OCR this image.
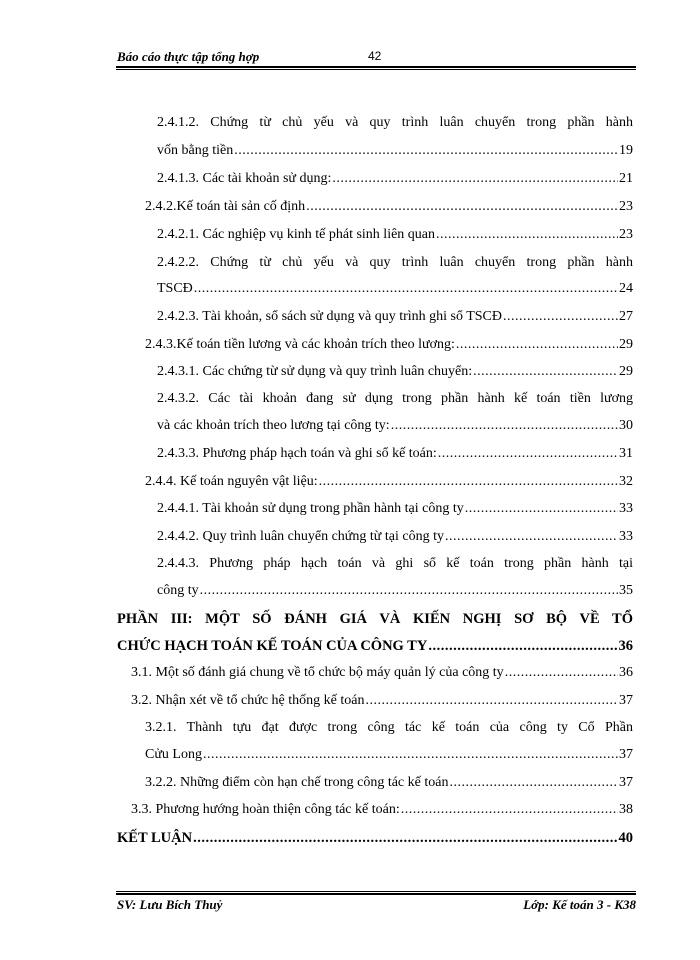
Báo cáo thực tập tổng hợp	42
2.4.1.2. Chứng từ chủ yếu và quy trình luân chuyển trong phần hành
vốn bằng tiền .....	19
2.4.1.3. Các tài khoản sử dụng: .....	21
2.4.2.Kế toán tài sản cố định .....	23
2.4.2.1. Các nghiệp vụ kinh tế phát sinh liên quan .....	23
2.4.2.2. Chứng từ chủ yếu và quy trình luân chuyển trong phần hành
TSCĐ .....	24
2.4.2.3. Tài khoản, sổ sách sử dụng và quy trình ghi sổ TSCĐ .....	27
2.4.3.Kế toán tiền lương và các khoản trích theo lương: .....	29
2.4.3.1. Các chứng từ sử dụng và quy trình luân chuyển: .....	29
2.4.3.2. Các tài khoản đang sử dụng trong phần hành kế toán tiền lương
và các khoản trích theo lương tại công ty: .....	30
2.4.3.3. Phương pháp hạch toán và ghi sổ kế toán: .....	31
2.4.4. Kế toán nguyên vật liệu: .....	32
2.4.4.1. Tài khoản sử dụng trong phần hành tại công ty .....	33
2.4.4.2. Quy trình luân chuyển chứng từ tại công ty .....	33
2.4.4.3. Phương pháp hạch toán và ghi sổ kế toán trong phần hành tại
công ty .....	35
PHẦN III: MỘT SỐ ĐÁNH GIÁ VÀ KIẾN NGHỊ SƠ BỘ VỀ TỔ
CHỨC HẠCH TOÁN KẾ TOÁN CỦA CÔNG TY .....	36
3.1. Một số đánh giá chung về tổ chức bộ máy quản lý của công ty .....	36
3.2. Nhận xét về tổ chức hệ thống kế toán .....	37
3.2.1. Thành tựu đạt được trong công tác kế toán của công ty Cổ Phần
Cửu Long .....	37
3.2.2. Những điểm còn hạn chế trong công tác kế toán .....	37
3.3. Phương hướng hoàn thiện công tác kế toán: .....	38
KẾT LUẬN .....	40
SV: Lưu Bích Thuỷ	Lớp: Kế toán 3 - K38
